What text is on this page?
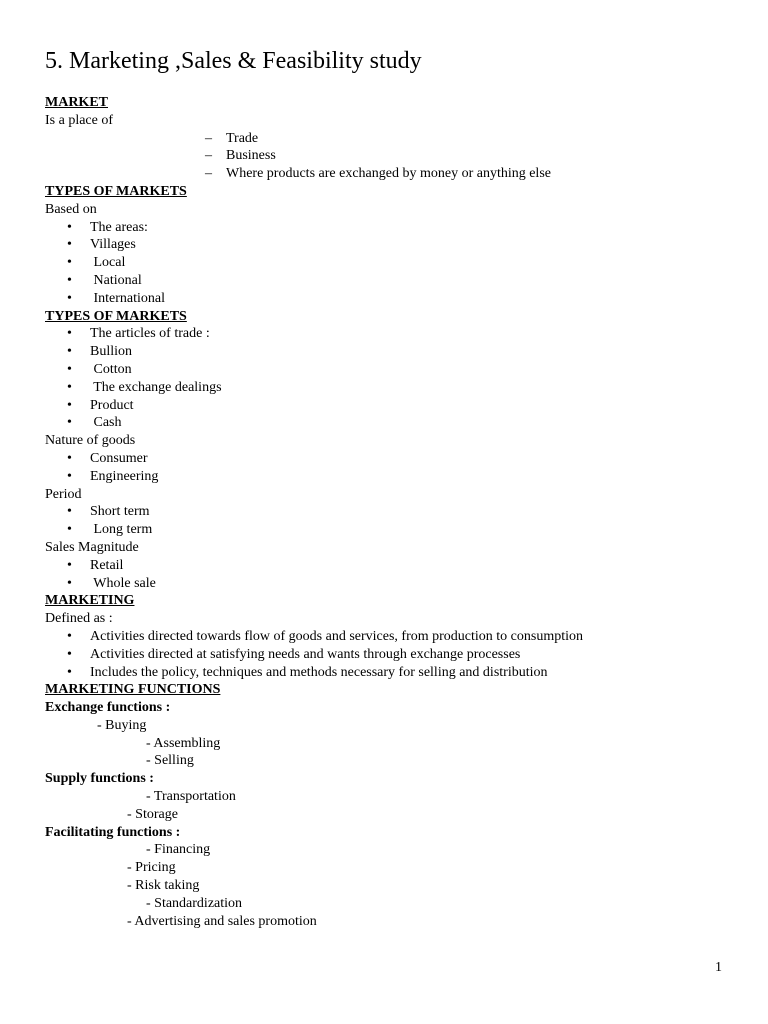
5. Marketing ,Sales & Feasibility study
MARKET
Is a place of
– Trade
– Business
– Where products are exchanged by money or anything else
TYPES OF MARKETS
Based on
• The areas:
• Villages
• Local
• National
• International
TYPES OF MARKETS
• The articles of trade :
• Bullion
• Cotton
• The exchange dealings
• Product
• Cash
Nature of goods
• Consumer
• Engineering
Period
• Short term
• Long term
Sales Magnitude
• Retail
• Whole sale
MARKETING
Defined as :
• Activities directed towards flow of goods and services, from production to consumption
• Activities directed at satisfying needs and wants through exchange processes
• Includes the policy, techniques and methods necessary for selling and distribution
MARKETING FUNCTIONS
Exchange functions :
- Buying
- Assembling
- Selling
Supply functions :
- Transportation
- Storage
Facilitating functions :
- Financing
- Pricing
- Risk taking
- Standardization
- Advertising and sales promotion
1
